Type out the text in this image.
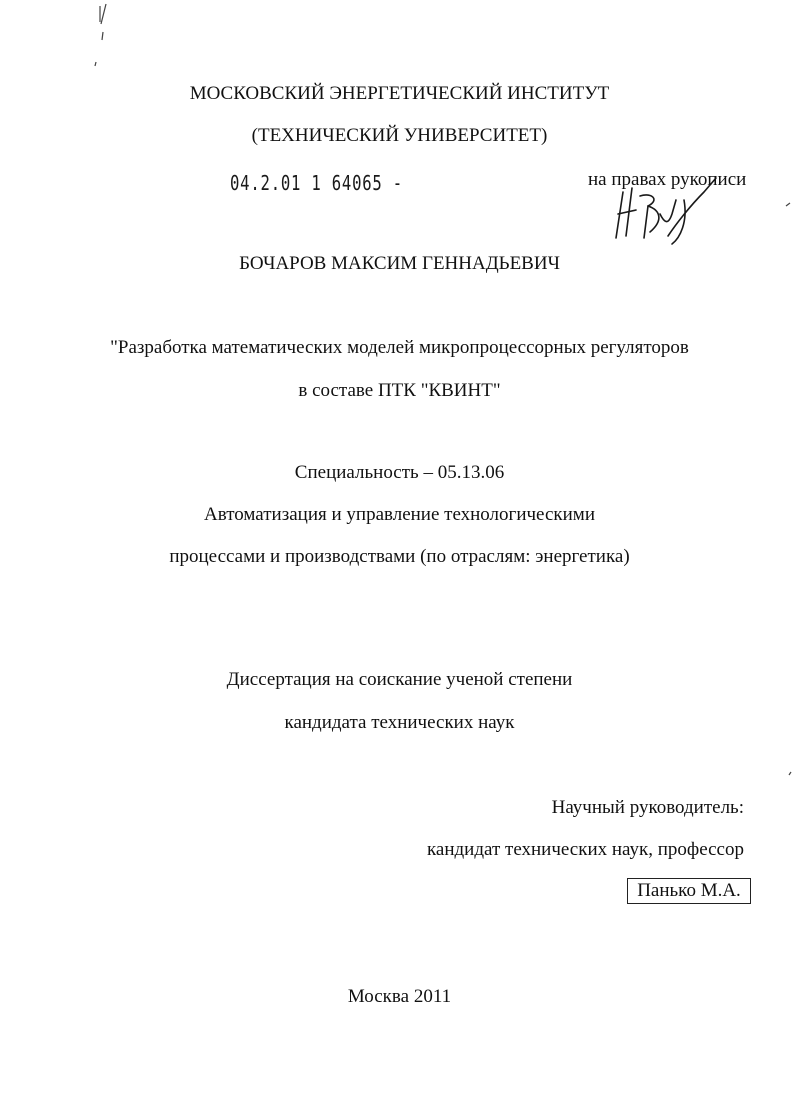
МОСКОВСКИЙ ЭНЕРГЕТИЧЕСКИЙ ИНСТИТУТ
(ТЕХНИЧЕСКИЙ УНИВЕРСИТЕТ)
04.2.01 1 64065 -	на правах рукописи
БОЧАРОВ МАКСИМ ГЕННАДЬЕВИЧ
"Разработка математических моделей микропроцессорных регуляторов
в составе ПТК "КВИНТ"
Специальность – 05.13.06
Автоматизация и управление технологическими
процессами и производствами (по отраслям: энергетика)
Диссертация на соискание ученой степени
кандидата технических наук
Научный руководитель:
кандидат технических наук, профессор
Панько М.А.
Москва 2011
